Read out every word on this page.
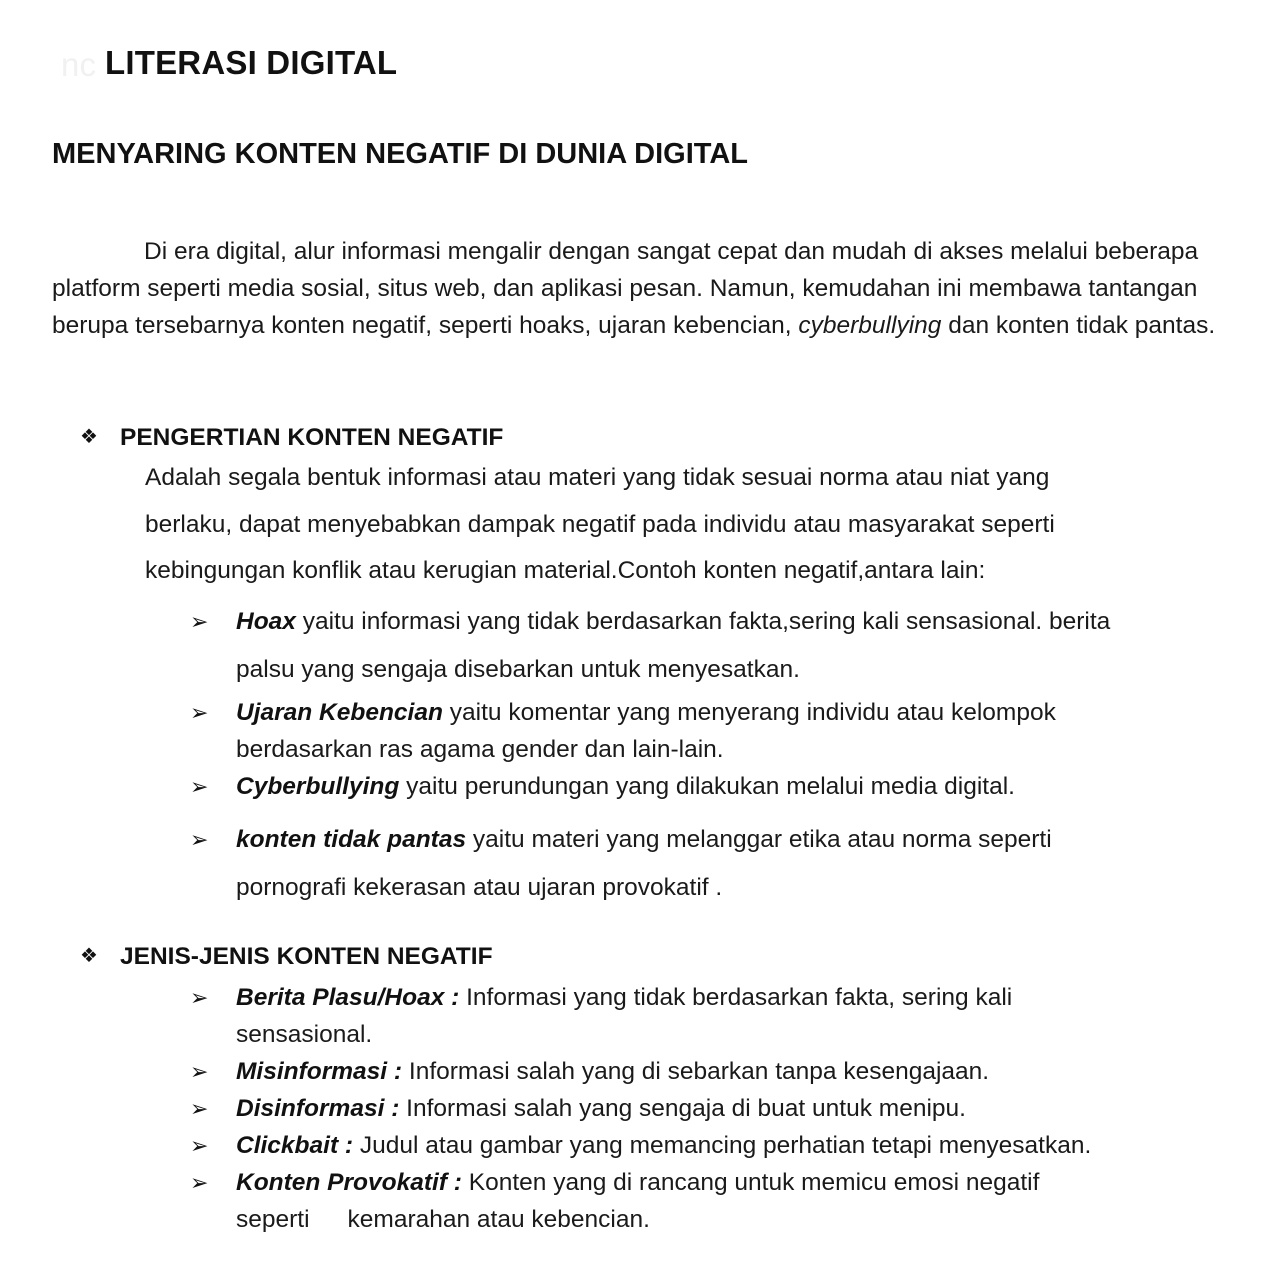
nc LITERASI DIGITAL
MENYARING KONTEN NEGATIF DI DUNIA DIGITAL

Di era digital, alur informasi mengalir dengan sangat cepat dan mudah di akses melalui beberapa platform seperti media sosial, situs web, dan aplikasi pesan. Namun, kemudahan ini membawa tantangan berupa tersebarnya konten negatif, seperti hoaks, ujaran kebencian, cyberbullying dan konten tidak pantas.

❖ PENGERTIAN KONTEN NEGATIF

Adalah segala bentuk informasi atau materi yang tidak sesuai norma atau niat yang
berlaku, dapat menyebabkan dampak negatif pada individu atau masyarakat seperti
kebingungan konflik atau kerugian material.Contoh konten negatif,antara lain:

➢ Hoax yaitu informasi yang tidak berdasarkan fakta,sering kali sensasional. berita
palsu yang sengaja disebarkan untuk menyesatkan.
➢ Ujaran Kebencian yaitu komentar yang menyerang individu atau kelompok
berdasarkan ras agama gender dan lain-lain.
➢ Cyberbullying yaitu perundungan yang dilakukan melalui media digital.
➢ konten tidak pantas yaitu materi yang melanggar etika atau norma seperti
pornografi kekerasan atau ujaran provokatif .
❖ JENIS-JENIS KONTEN NEGATIF
➢ Berita Plasu/Hoax : Informasi yang tidak berdasarkan fakta, sering kali
sensasional.
➢ Misinformasi : Informasi salah yang di sebarkan tanpa kesengajaan.
➢ Disinformasi : Informasi salah yang sengaja di buat untuk menipu.
➢ Clickbait : Judul atau gambar yang memancing perhatian tetapi menyesatkan.
➢ Konten Provokatif : Konten yang di rancang untuk memicu emosi negatif
seperti kemarahan atau kebencian.
